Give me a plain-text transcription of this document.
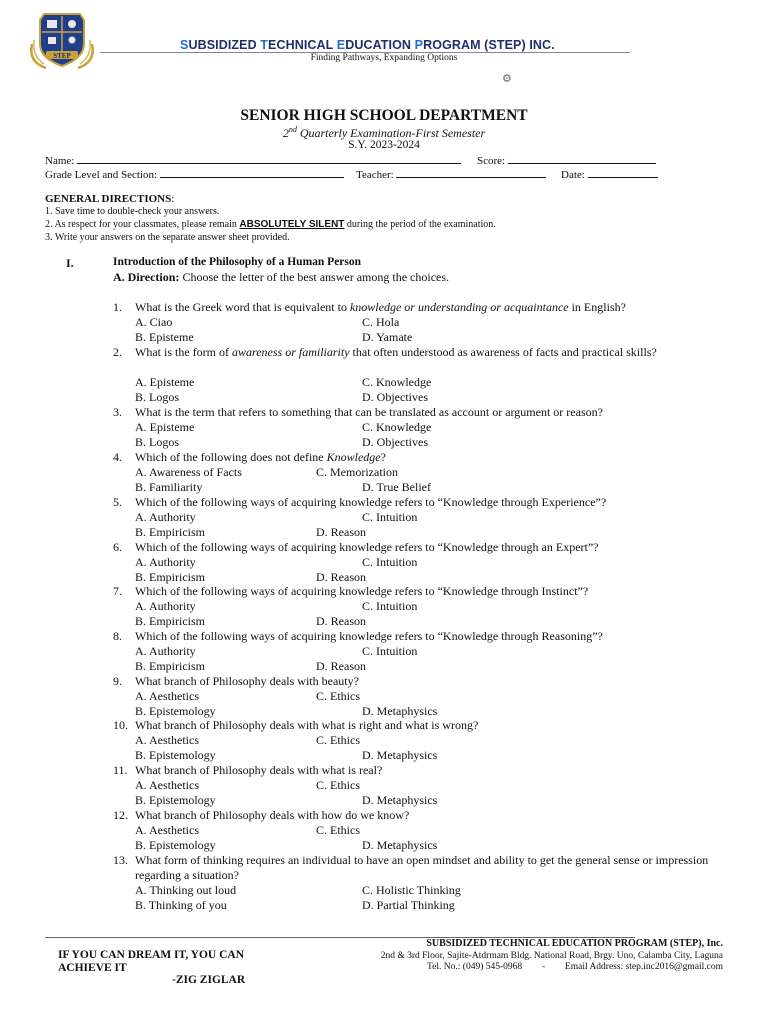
STEP
SUBSIDIZED TECHNICAL EDUCATION PROGRAM (STEP) INC.
Finding Pathways, Expanding Options
⚙
SENIOR HIGH SCHOOL DEPARTMENT
2nd Quarterly Examination-First Semester
S.Y. 2023-2024
Name:	Score:
Grade Level and Section:	Teacher:	Date:
GENERAL DIRECTIONS:
1. Save time to double-check your answers.
2. As respect for your classmates, please remain ABSOLUTELY SILENT during the period of the examination.
3. Write your answers on the separate answer sheet provided.
I.	Introduction of the Philosophy of a Human Person
A. Direction: Choose the letter of the best answer among the choices.
1. What is the Greek word that is equivalent to knowledge or understanding or acquaintance in English?
A. Ciao	C. Hola
B. Episteme	D. Yamate
2. What is the form of awareness or familiarity that often understood as awareness of facts and practical skills?
A. Episteme	C. Knowledge
B. Logos	D. Objectives
3. What is the term that refers to something that can be translated as account or argument or reason?
A. Episteme	C. Knowledge
B. Logos	D. Objectives
4. Which of the following does not define Knowledge?
A. Awareness of Facts	C. Memorization
B. Familiarity	D. True Belief
5. Which of the following ways of acquiring knowledge refers to “Knowledge through Experience”?
A. Authority	C. Intuition
B. Empiricism	D. Reason
6. Which of the following ways of acquiring knowledge refers to “Knowledge through an Expert”?
A. Authority	C. Intuition
B. Empiricism	D. Reason
7. Which of the following ways of acquiring knowledge refers to “Knowledge through Instinct”?
A. Authority	C. Intuition
B. Empiricism	D. Reason
8. Which of the following ways of acquiring knowledge refers to “Knowledge through Reasoning”?
A. Authority	C. Intuition
B. Empiricism	D. Reason
9. What branch of Philosophy deals with beauty?
A. Aesthetics	C. Ethics
B. Epistemology	D. Metaphysics
10. What branch of Philosophy deals with what is right and what is wrong?
A. Aesthetics	C. Ethics
B. Epistemology	D. Metaphysics
11. What branch of Philosophy deals with what is real?
A. Aesthetics	C. Ethics
B. Epistemology	D. Metaphysics
12. What branch of Philosophy deals with how do we know?
A. Aesthetics	C. Ethics
B. Epistemology	D. Metaphysics
13. What form of thinking requires an individual to have an open mindset and ability to get the general sense or impression regarding a situation?
A. Thinking out loud	C. Holistic Thinking
B. Thinking of you	D. Partial Thinking
IF YOU CAN DREAM IT, YOU CAN
ACHIEVE IT
-ZIG ZIGLAR
SUBSIDIZED TECHNICAL EDUCATION PROGRAM (STEP), Inc.
2nd & 3rd Floor, Sajite-Atdrmam Bldg. National Road, Brgy. Uno, Calamba City, Laguna
Tel. No.: (049) 545-0968 - Email Address: step.inc2016@gmail.com
